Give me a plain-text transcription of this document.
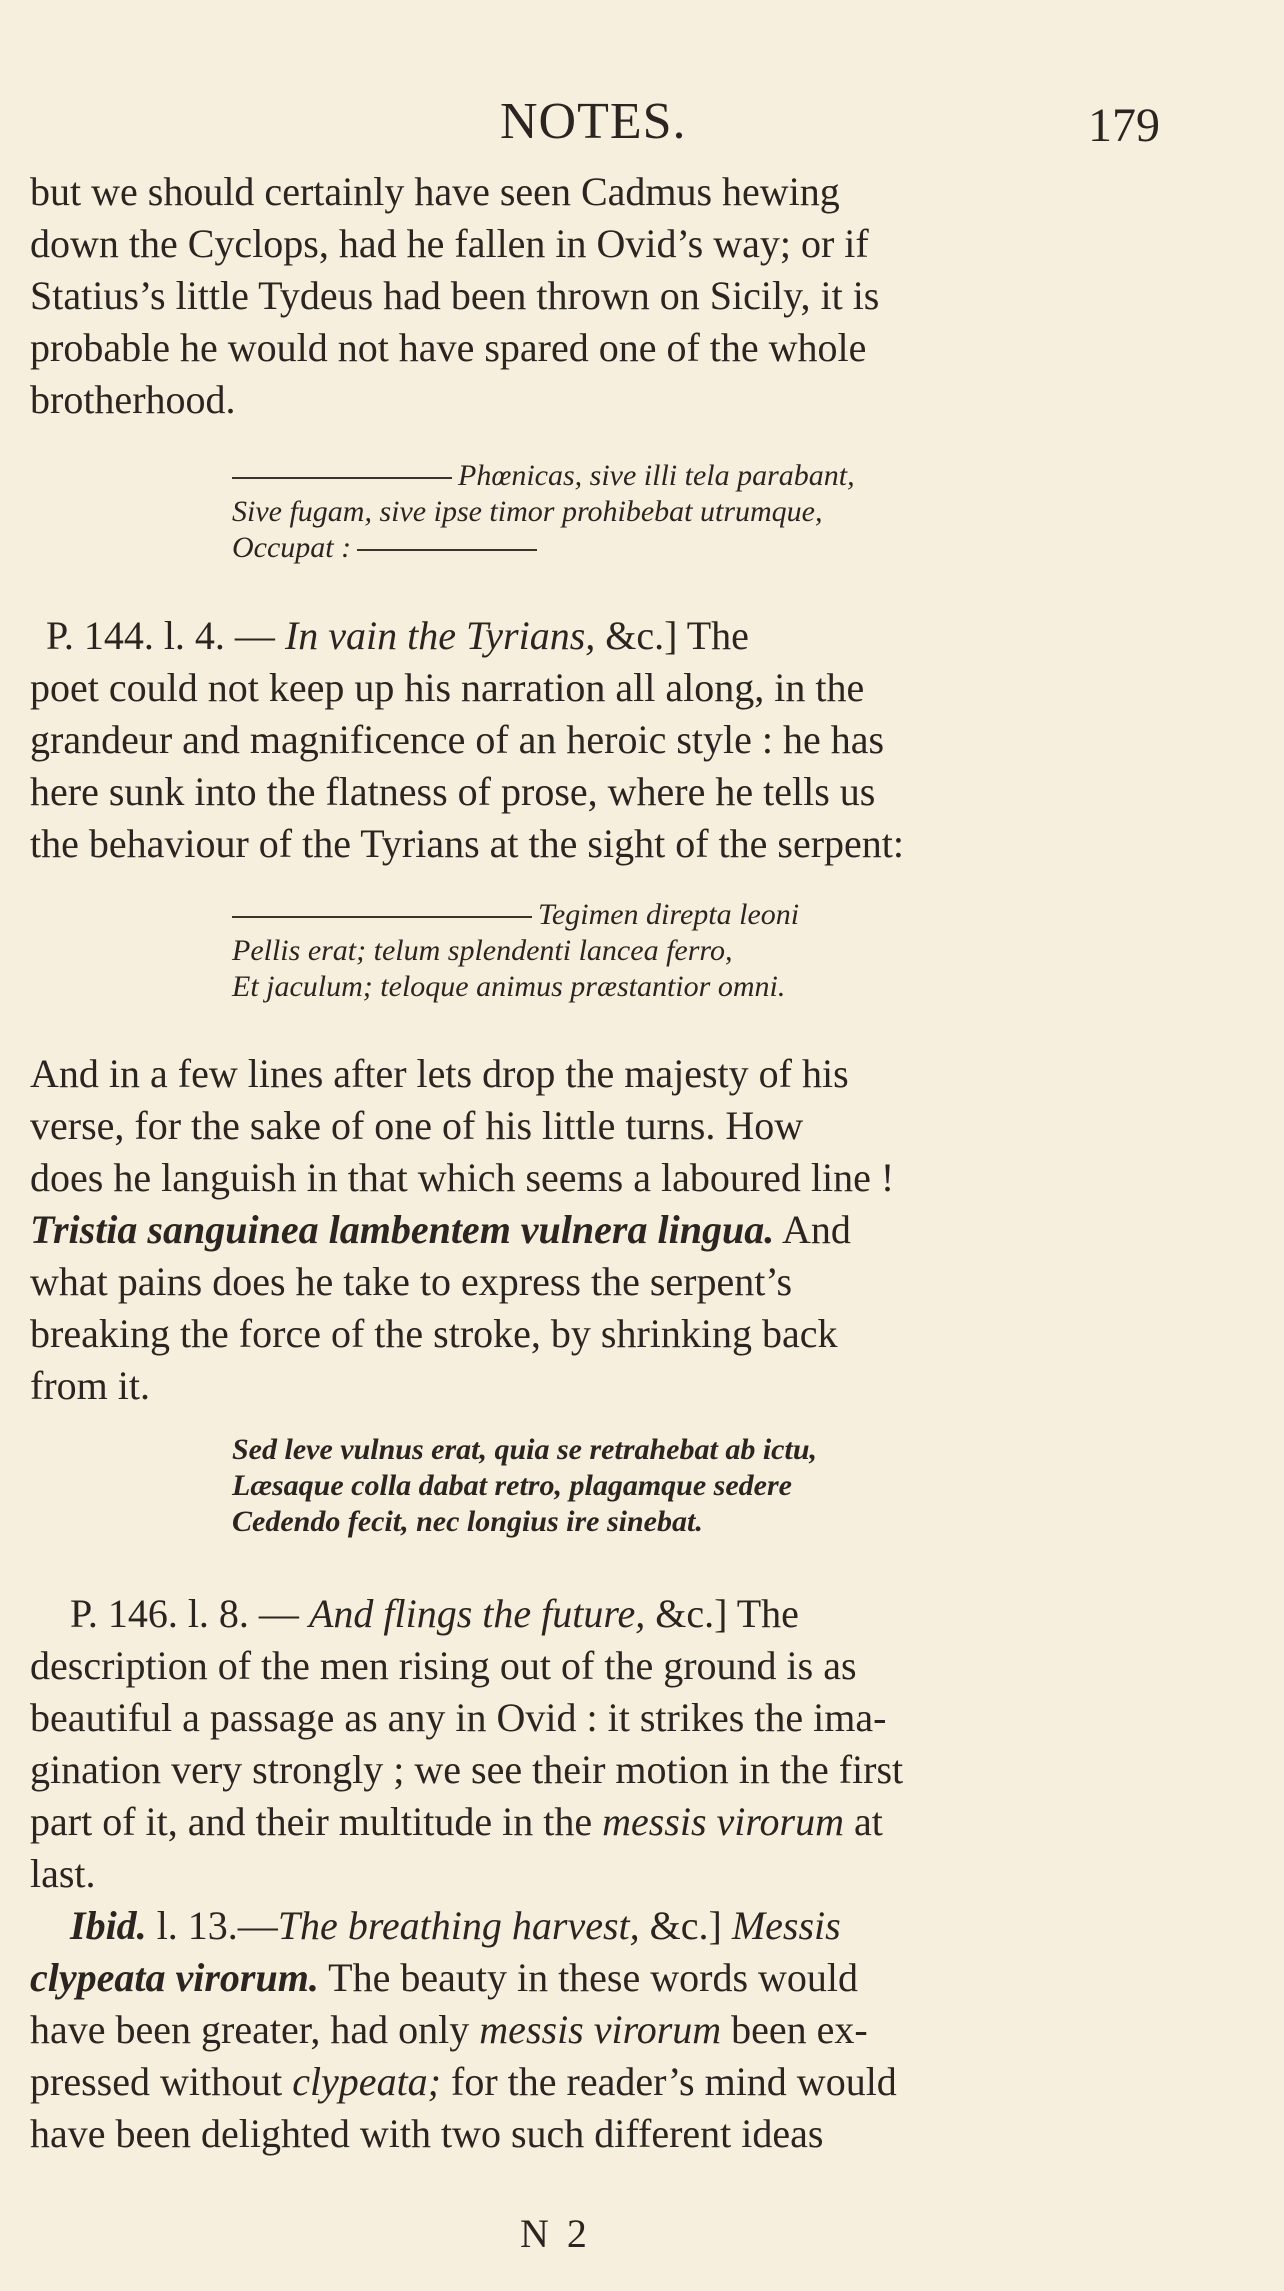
NOTES.	179

but we should certainly have seen Cadmus hewing
down the Cyclops, had he fallen in Ovid’s way; or if
Statius’s little Tydeus had been thrown on Sicily, it is
probable he would not have spared one of the whole
brotherhood.

Phœnicas, sive illi tela parabant,
Sive fugam, sive ipse timor prohibebat utrumque,
Occupat :

P. 144. l. 4. — In vain the Tyrians, &c.] The
poet could not keep up his narration all along, in the
grandeur and magnificence of an heroic style : he has
here sunk into the flatness of prose, where he tells us
the behaviour of the Tyrians at the sight of the serpent:

Tegimen direpta leoni
Pellis erat; telum splendenti lancea ferro,
Et jaculum; teloque animus præstantior omni.

And in a few lines after lets drop the majesty of his
verse, for the sake of one of his little turns. How
does he languish in that which seems a laboured line !
Tristia sanguinea lambentem vulnera lingua. And
what pains does he take to express the serpent’s
breaking the force of the stroke, by shrinking back
from it.

Sed leve vulnus erat, quia se retrahebat ab ictu,
Læsaque colla dabat retro, plagamque sedere
Cedendo fecit, nec longius ire sinebat.

P. 146. l. 8. — And flings the future, &c.] The
description of the men rising out of the ground is as
beautiful a passage as any in Ovid : it strikes the ima-
gination very strongly ; we see their motion in the first
part of it, and their multitude in the messis virorum at
last.

Ibid. l. 13.—The breathing harvest, &c.] Messis
clypeata virorum. The beauty in these words would
have been greater, had only messis virorum been ex-
pressed without clypeata; for the reader’s mind would
have been delighted with two such different ideas

N 2
